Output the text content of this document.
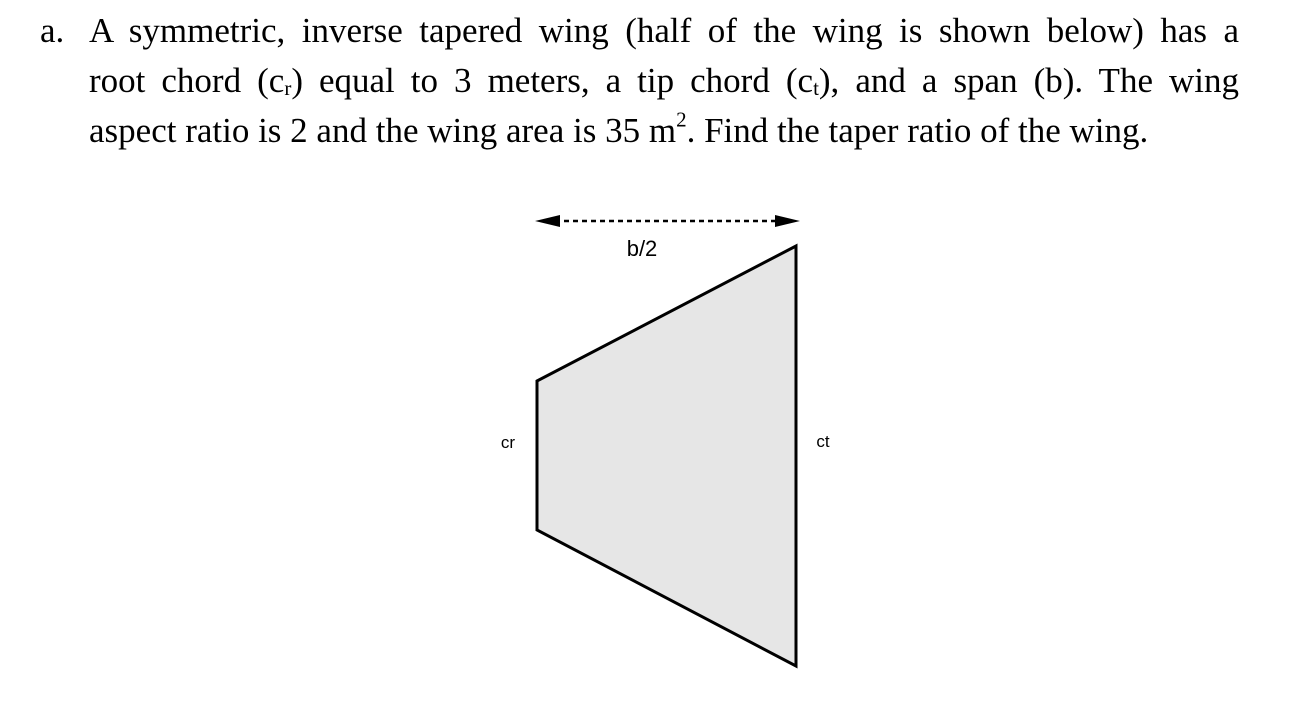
a. A symmetric, inverse tapered wing (half of the wing is shown below) has a
root chord $(c_r)$ equal to 3 meters, a tip chord $(c_t)$, and a span (b). The wing
aspect ratio is 2 and the wing area is 35 $m^2$. Find the taper ratio of the wing.
b/2
cr	ct
